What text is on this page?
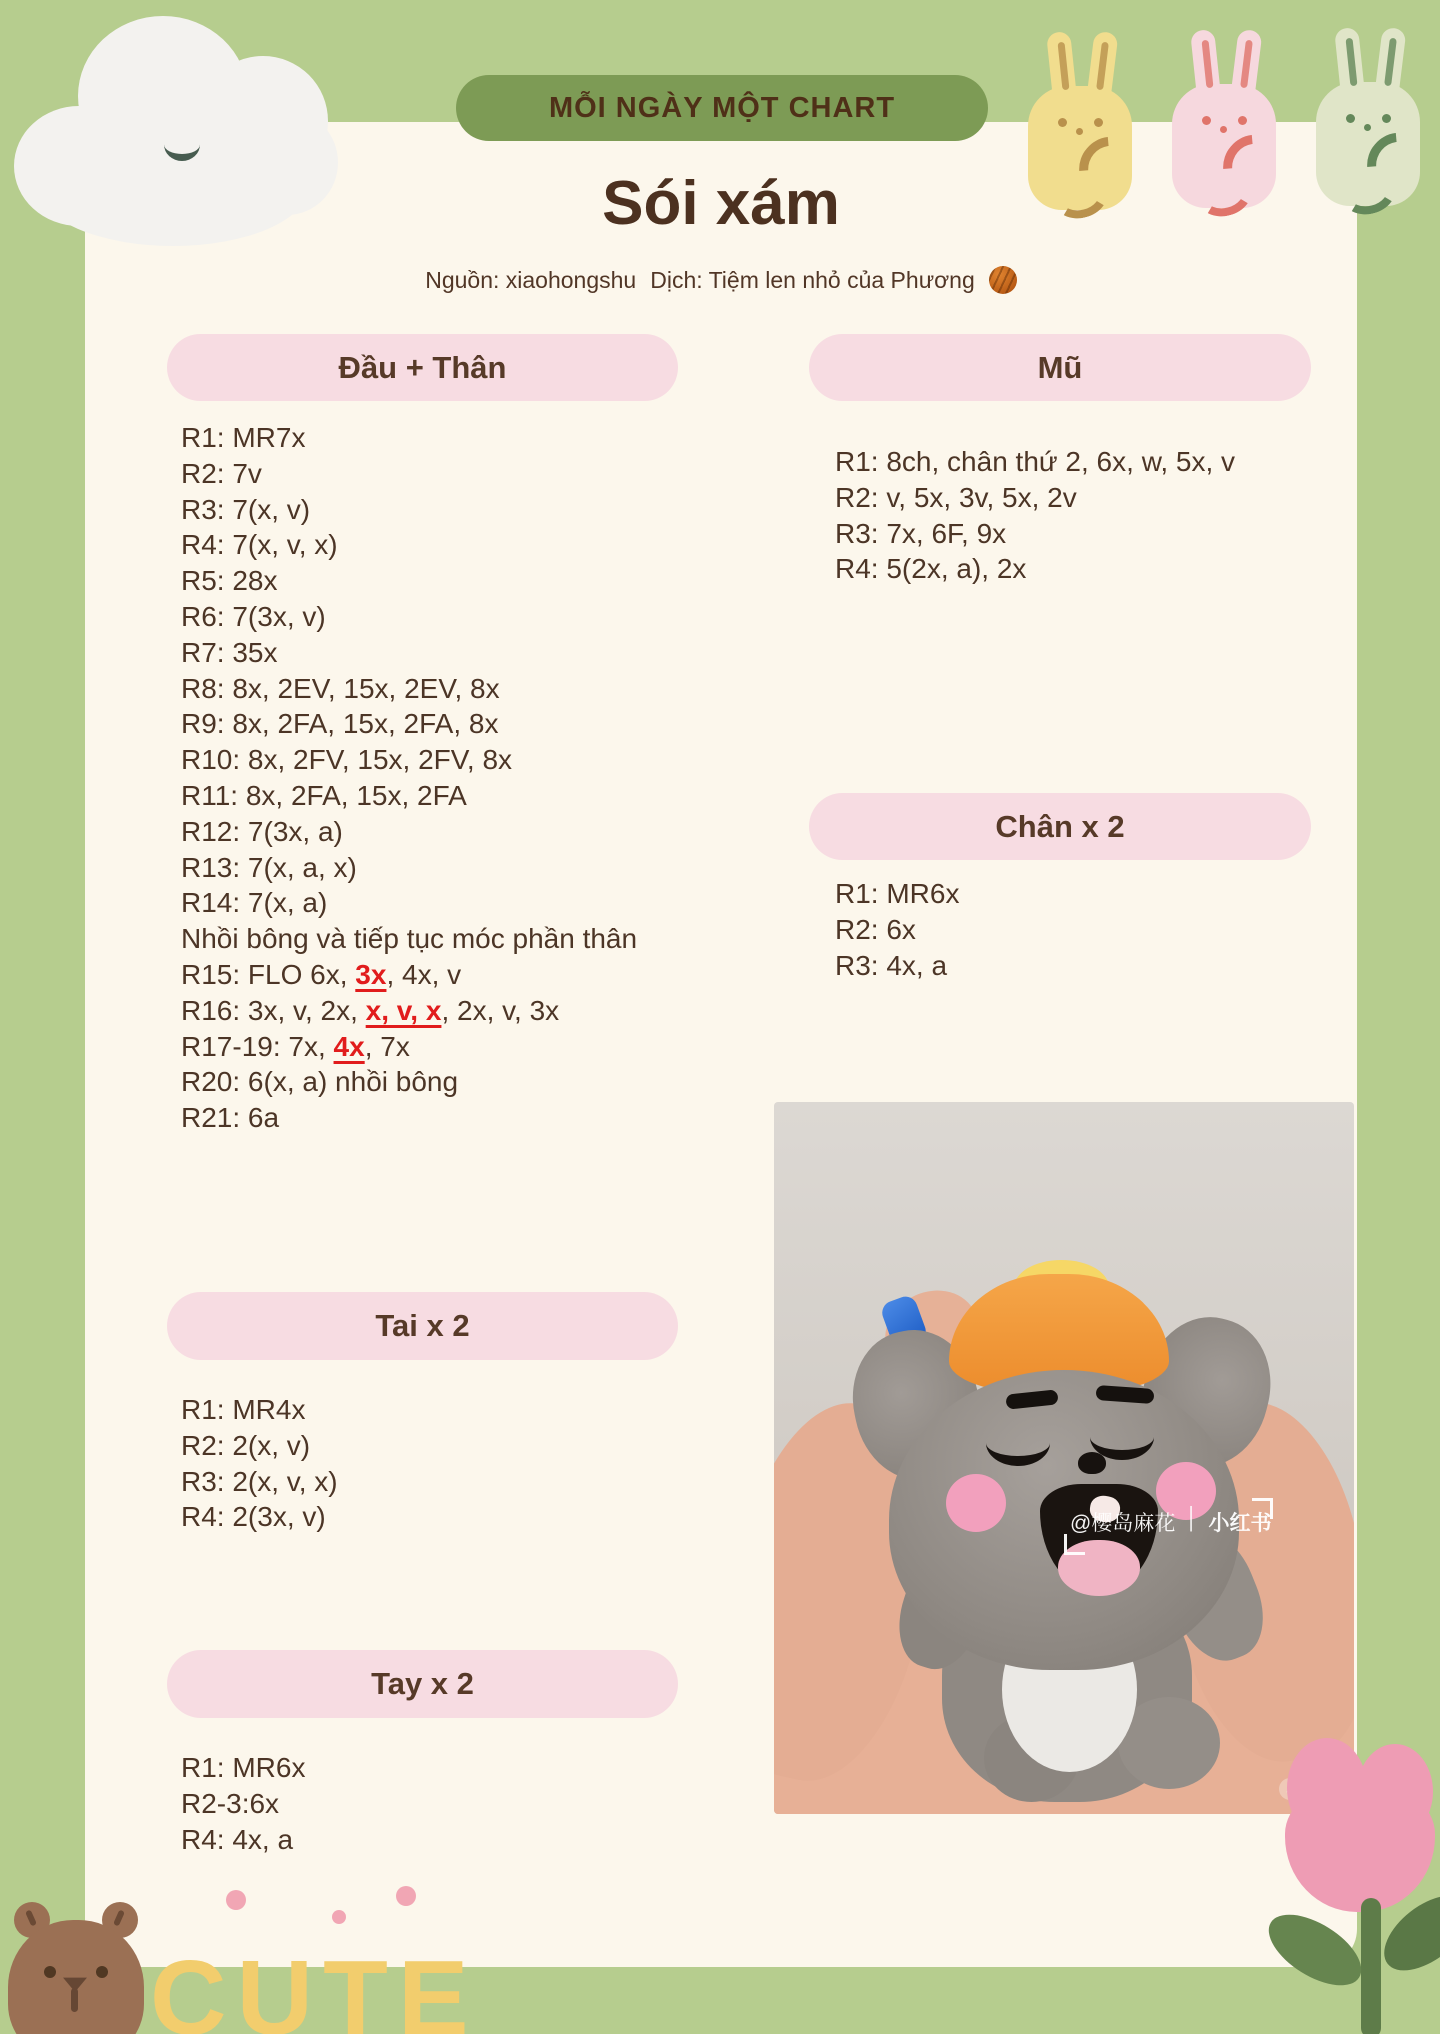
MỖI NGÀY MỘT CHART
Sói xám
Nguồn: xiaohongshu Dịch: Tiệm len nhỏ của Phương
Đầu + Thân	Mũ
Chân x 2
Tai x 2
Tay x 2
R1: MR7x
R2: 7v
R3: 7(x, v)
R4: 7(x, v, x)
R5: 28x
R6: 7(3x, v)
R7: 35x
R8: 8x, 2EV, 15x, 2EV, 8x
R9: 8x, 2FA, 15x, 2FA, 8x
R10: 8x, 2FV, 15x, 2FV, 8x
R11: 8x, 2FA, 15x, 2FA
R12: 7(3x, a)
R13: 7(x, a, x)
R14: 7(x, a)
Nhồi bông và tiếp tục móc phần thân
R15: FLO 6x, 3x, 4x, v
R16: 3x, v, 2x, x, v, x, 2x, v, 3x
R17-19: 7x, 4x, 7x
R20: 6(x, a) nhồi bông
R21: 6a
R1: 8ch, chân thứ 2, 6x, w, 5x, v
R2: v, 5x, 3v, 5x, 2v
R3: 7x, 6F, 9x
R4: 5(2x, a), 2x
R1: MR6x
R2: 6x
R3: 4x, a
R1: MR4x
R2: 2(x, v)
R3: 2(x, v, x)
R4: 2(3x, v)
R1: MR6x
R2-3:6x
R4: 4x, a
@樱岛麻花 │ 小红书
CUTE
